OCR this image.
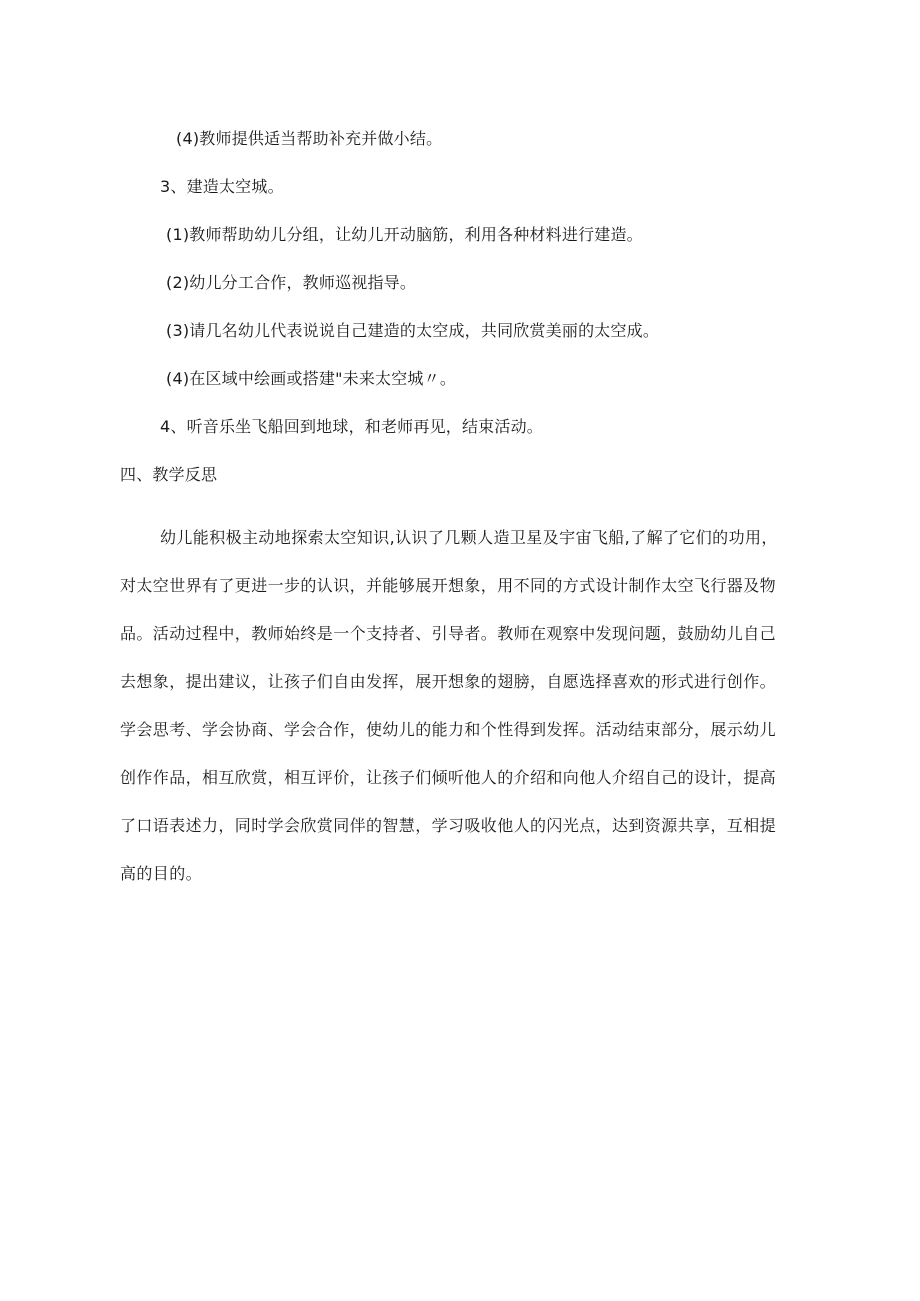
(4)教师提供适当帮助补充并做小结。
3、建造太空城。
(1)教师帮助幼儿分组，让幼儿开动脑筋，利用各种材料进行建造。
(2)幼儿分工合作，教师巡视指导。
(3)请几名幼儿代表说说自己建造的太空成，共同欣赏美丽的太空成。
(4)在区域中绘画或搭建"未来太空城〃。
4、听音乐坐飞船回到地球，和老师再见，结束活动。
四、教学反思
幼儿能积极主动地探索太空知识,认识了几颗人造卫星及宇宙飞船,了解了它们的功用，
对太空世界有了更进一步的认识，并能够展开想象，用不同的方式设计制作太空飞行器及物
品。活动过程中，教师始终是一个支持者、引导者。教师在观察中发现问题，鼓励幼儿自己
去想象，提出建议，让孩子们自由发挥，展开想象的翅膀，自愿选择喜欢的形式进行创作。
学会思考、学会协商、学会合作，使幼儿的能力和个性得到发挥。活动结束部分，展示幼儿
创作作品，相互欣赏，相互评价，让孩子们倾听他人的介绍和向他人介绍自己的设计，提高
了口语表述力，同时学会欣赏同伴的智慧，学习吸收他人的闪光点，达到资源共享，互相提
高的目的。
